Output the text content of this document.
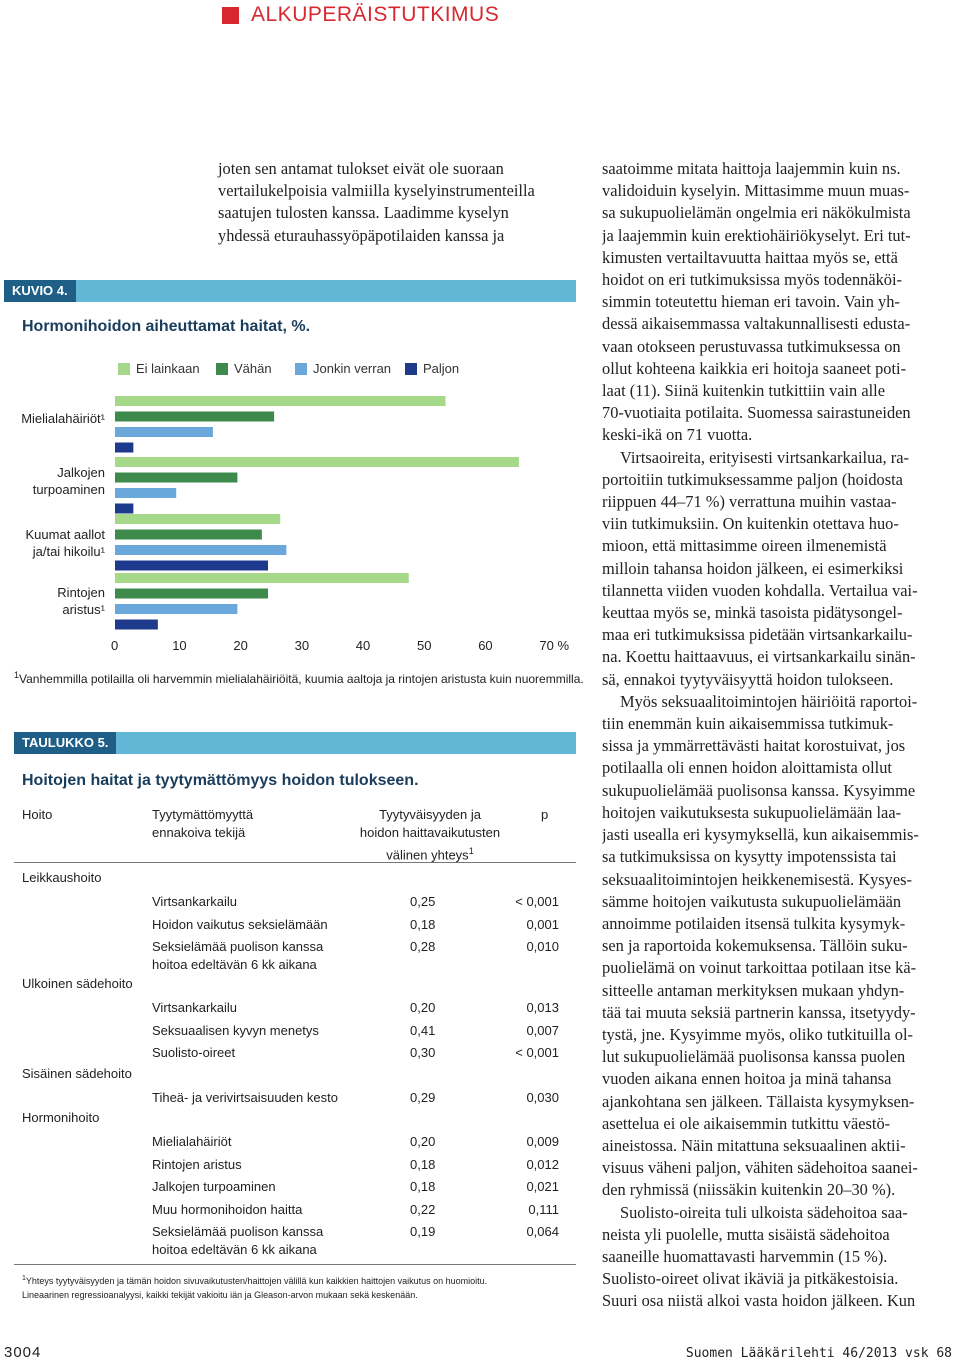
ALKUPERÄISTUTKIMUS
joten sen antamat tulokset eivät ole suoraan
vertailukelpoisia valmiilla kyselyinstrumenteilla
saatujen tulosten kanssa. Laadimme kyselyn
yhdessä eturauhassyöpäpotilaiden kanssa ja
KUVIO 4.
Hormonihoidon aiheuttamat haitat, %.
Ei lainkaan	Vähän	Jonkin verran Paljon
Mielialahäiriöt¹
Jalkojen
turpoaminen
Kuumat aallot
ja/tai hikoilu¹
Rintojen
aristus¹
0	10	20	30	40	50	60	70 %
$^1$Vanhemmilla potilailla oli harvemmin mielialahäiriöitä, kuumia aaltoja ja rintojen aristusta kuin nuoremmilla.
TAULUKKO 5.
Hoitojen haitat ja tyytymättömyys hoidon tulokseen.
Hoito	Tyytymättömyyttä
ennakoiva tekijä
Tyytyväisyyden ja
hoidon haittavaikutusten
välinen yhteys$^1$
p
Leikkaushoito
Virtsankarkailu	0,25	< 0,001
Hoidon vaikutus seksielämään	0,18	0,001
Seksielämää puolison kanssa
hoitoa edeltävän 6 kk aikana
0,28	0,010
Ulkoinen sädehoito
Virtsankarkailu	0,20	0,013
Seksuaalisen kyvyn menetys	0,41	0,007
Suolisto-oireet	0,30	< 0,001
Sisäinen sädehoito
Tiheä- ja verivirtsaisuuden kesto	0,29	0,030
Hormonihoito
Mielialahäiriöt	0,20	0,009
Rintojen aristus	0,18	0,012
Jalkojen turpoaminen	0,18	0,021
Muu hormonihoidon haitta	0,22	0,111
Seksielämää puolison kanssa
hoitoa edeltävän 6 kk aikana
0,19	0,064
$^1$Yhteys tyytyväisyyden ja tämän hoidon sivuvaikutusten/haittojen välillä kun kaikkien haittojen vaikutus on huomioitu.
Lineaarinen regressioanalyysi, kaikki tekijät vakioitu iän ja Gleason-arvon mukaan sekä keskenään.
saatoimme mitata haittoja laajemmin kuin ns.
validoiduin kyselyin. Mittasimme muun muas-
sa sukupuolielämän ongelmia eri näkökulmista
ja laajemmin kuin erektiohäiriökyselyt. Eri tut-
kimusten vertailtavuutta haittaa myös se, että
hoidot on eri tutkimuksissa myös todennäköi-
simmin toteutettu hieman eri tavoin. Vain yh-
dessä aikaisemmassa valtakunnallisesti edusta-
vaan otokseen perustuvassa tutkimuksessa on
ollut kohteena kaikkia eri hoitoja saaneet poti-
laat (11). Siinä kuitenkin tutkittiin vain alle
70-vuotiaita potilaita. Suomessa sairastuneiden
keski-ikä on 71 vuotta.
Virtsaoireita, erityisesti virtsankarkailua, ra-
portoitiin tutkimuksessamme paljon (hoidosta
riippuen 44–71 %) verrattuna muihin vastaa-
viin tutkimuksiin. On kuitenkin otettava huo-
mioon, että mittasimme oireen ilmenemistä
milloin tahansa hoidon jälkeen, ei esimerkiksi
tilannetta viiden vuoden kohdalla. Vertailua vai-
keuttaa myös se, minkä tasoista pidätysongel-
maa eri tutkimuksissa pidetään virtsankarkailu-
na. Koettu haittaavuus, ei virtsankarkailu sinän-
sä, ennakoi tyytyväisyyttä hoidon tulokseen.
Myös seksuaalitoimintojen häiriöitä raportoi-
tiin enemmän kuin aikaisemmissa tutkimuk-
sissa ja ymmärrettävästi haitat korostuivat, jos
potilaalla oli ennen hoidon aloittamista ollut
sukupuolielämää puolisonsa kanssa. Kysyimme
hoitojen vaikutuksesta sukupuolielämään laa-
jasti usealla eri kysymyksellä, kun aikaisemmis-
sa tutkimuksissa on kysytty impotenssista tai
seksuaalitoimintojen heikkenemisestä. Kysyes-
sämme hoitojen vaikutusta sukupuolielämään
annoimme potilaiden itsensä tulkita kysymyk-
sen ja raportoida kokemuksensa. Tällöin suku-
puolielämä on voinut tarkoittaa potilaan itse kä-
sitteelle antaman merkityksen mukaan yhdyn-
tää tai muuta seksiä partnerin kanssa, itsetyydy-
tystä, jne. Kysyimme myös, oliko tutkituilla ol-
lut sukupuolielämää puolisonsa kanssa puolen
vuoden aikana ennen hoitoa ja minä tahansa
ajankohtana sen jälkeen. Tällaista kysymyksen-
asettelua ei ole aikaisemmin tutkittu väestö-
aineistossa. Näin mitattuna seksuaalinen aktii-
visuus väheni paljon, vähiten sädehoitoa saanei-
den ryhmissä (niissäkin kuitenkin 20–30 %).
Suolisto-oireita tuli ulkoista sädehoitoa saa-
neista yli puolelle, mutta sisäistä sädehoitoa
saaneille huomattavasti harvemmin (15 %).
Suolisto-oireet olivat ikäviä ja pitkäkestoisia.
Suuri osa niistä alkoi vasta hoidon jälkeen. Kun
3004	Suomen Lääkärilehti 46/2013 vsk 68
